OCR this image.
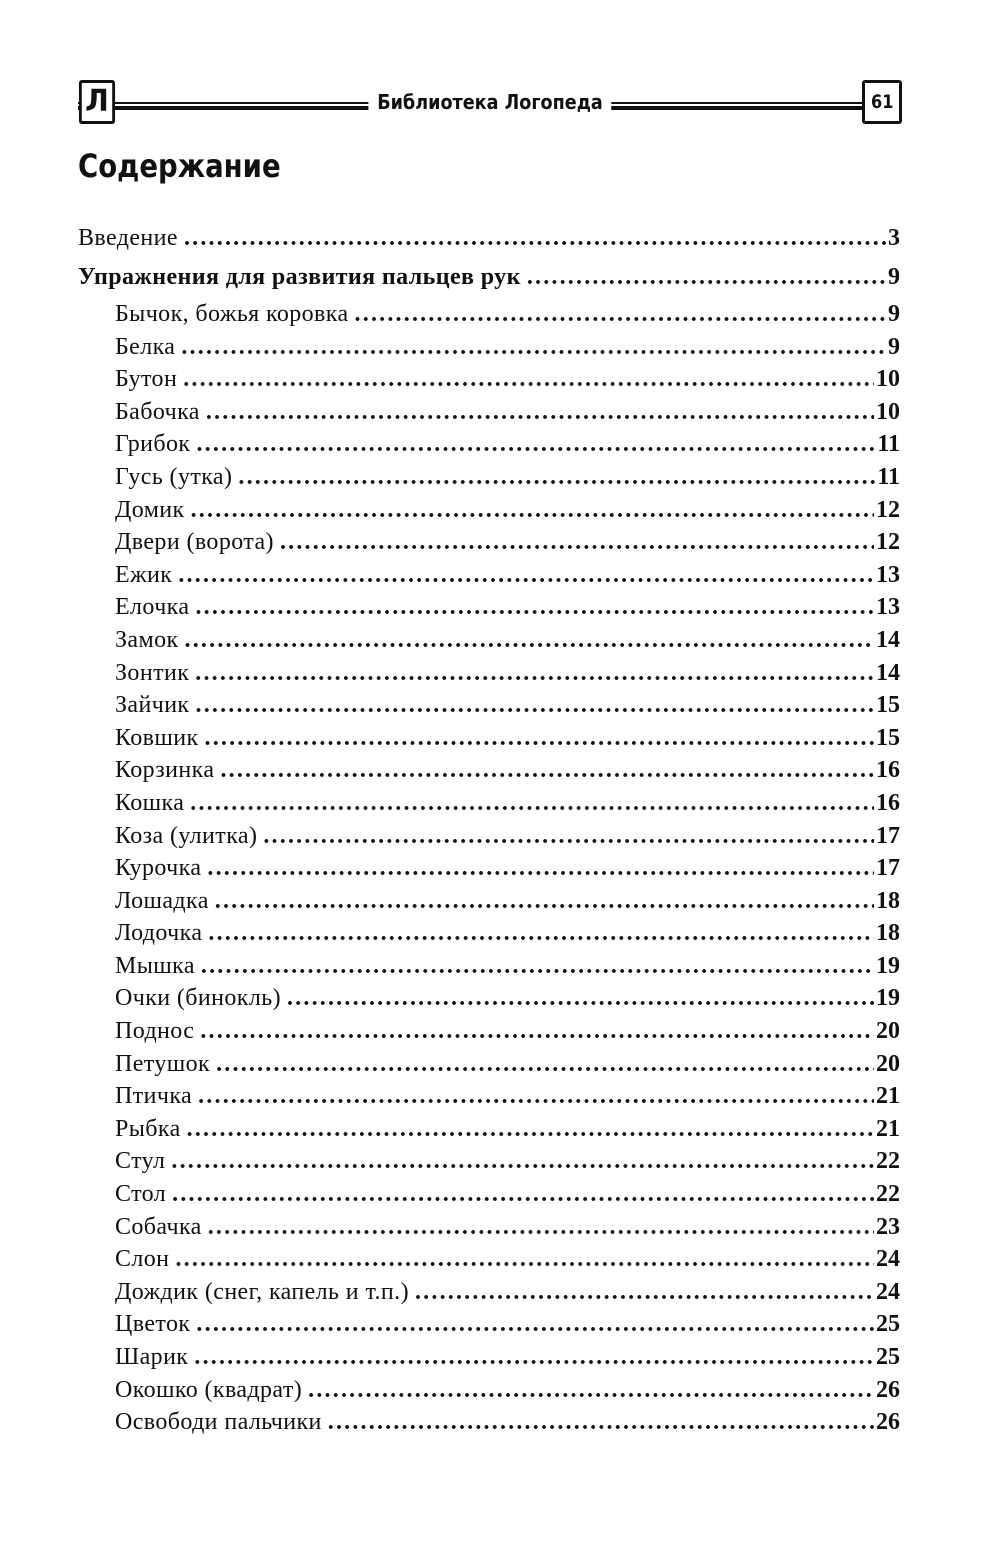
Л	Библиотека Логопеда	61
Содержание
Введение .....	3
Упражнения для развития пальцев рук .....	9
Бычок, божья коровка .....	9
Белка .....	9
Бутон .....	10
Бабочка .....	10
Грибок .....	11
Гусь (утка) .....	11
Домик .....	12
Двери (ворота) .....	12
Ежик .....	13
Елочка .....	13
Замок .....	14
Зонтик .....	14
Зайчик .....	15
Ковшик .....	15
Корзинка .....	16
Кошка .....	16
Коза (улитка) .....	17
Курочка .....	17
Лошадка .....	18
Лодочка .....	18
Мышка .....	19
Очки (бинокль) .....	19
Поднос .....	20
Петушок .....	20
Птичка .....	21
Рыбка .....	21
Стул .....	22
Стол .....	22
Собачка .....	23
Слон .....	24
Дождик (снег, капель и т.п.) .....	24
Цветок .....	25
Шарик .....	25
Окошко (квадрат) .....	26
Освободи пальчики .....	26
